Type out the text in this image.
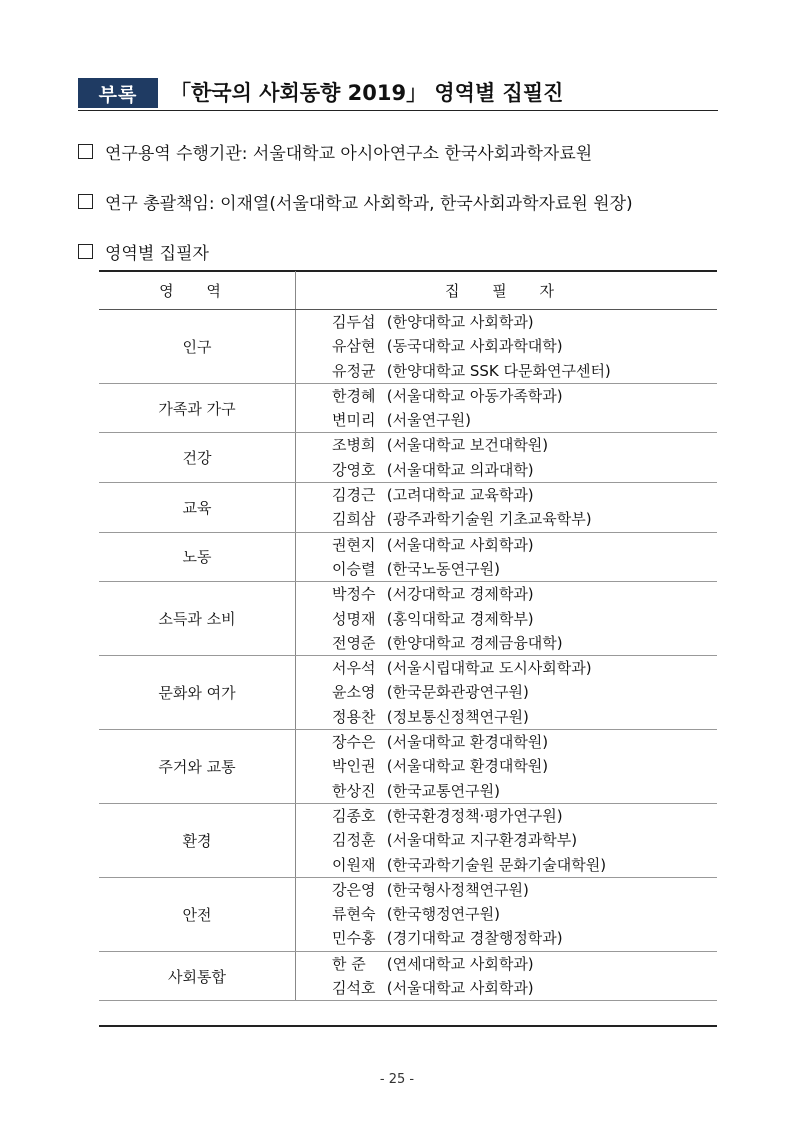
부록	「한국의 사회동향 2019」 영역별 집필진
연구용역 수행기관: 서울대학교 아시아연구소 한국사회과학자료원
연구 총괄책임: 이재열(서울대학교 사회학과, 한국사회과학자료원 원장)
영역별 집필자
영 역	집 필 자
인구	김두섭 (한양대학교 사회학과)
유삼현 (동국대학교 사회과학대학)
유정균 (한양대학교 SSK 다문화연구센터)

가족과 가구	한경혜 (서울대학교 아동가족학과)
변미리 (서울연구원)

건강	조병희 (서울대학교 보건대학원)
강영호 (서울대학교 의과대학)

교육	김경근 (고려대학교 교육학과)
김희삼 (광주과학기술원 기초교육학부)

노동	권현지 (서울대학교 사회학과)
이승렬 (한국노동연구원)

소득과 소비	박정수 (서강대학교 경제학과)
성명재 (홍익대학교 경제학부)
전영준 (한양대학교 경제금융대학)

문화와 여가	서우석 (서울시립대학교 도시사회학과)
윤소영 (한국문화관광연구원)
정용찬 (정보통신정책연구원)

주거와 교통	장수은 (서울대학교 환경대학원)
박인권 (서울대학교 환경대학원)
한상진 (한국교통연구원)

환경	김종호 (한국환경정책·평가연구원)
김정훈 (서울대학교 지구환경과학부)
이원재 (한국과학기술원 문화기술대학원)

안전	강은영 (한국형사정책연구원)
류현숙 (한국행정연구원)
민수홍 (경기대학교 경찰행정학과)

사회통합	한 준 (연세대학교 사회학과)
김석호 (서울대학교 사회학과)
- 25 -
